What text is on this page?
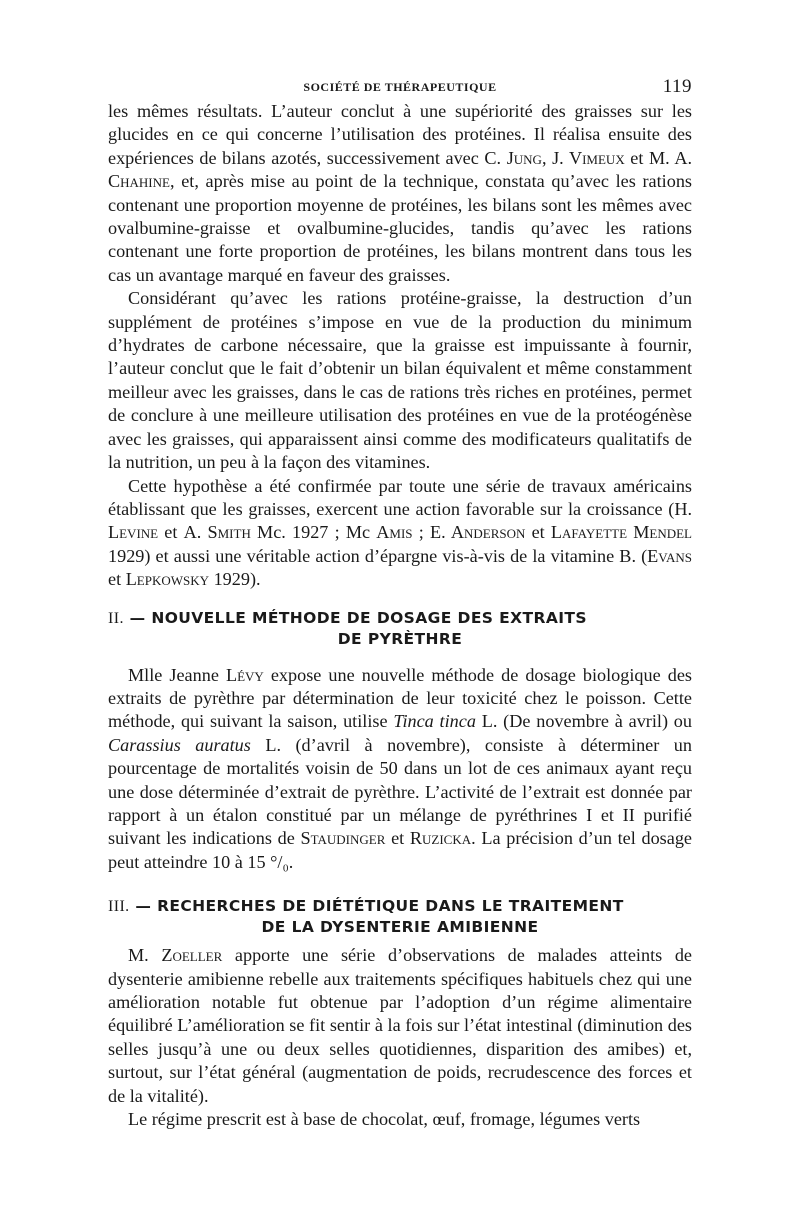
SOCIÉTÉ DE THÉRAPEUTIQUE	119

les mêmes résultats. L’auteur conclut à une supériorité des graisses sur les glucides en ce qui concerne l’utilisation des protéines. Il réalisa ensuite des expériences de bilans azotés, successivement avec C. Jung, J. Vimeux et M. A. Chahine, et, après mise au point de la technique, constata qu’avec les rations contenant une proportion moyenne de protéines, les bilans sont les mêmes avec ovalbumine-graisse et ovalbumine-glucides, tandis qu’avec les rations contenant une forte proportion de protéines, les bilans montrent dans tous les cas un avantage marqué en faveur des graisses.

Considérant qu’avec les rations protéine-graisse, la destruction d’un supplément de protéines s’impose en vue de la production du minimum d’hydrates de carbone nécessaire, que la graisse est impuissante à fournir, l’auteur conclut que le fait d’obtenir un bilan équivalent et même constamment meilleur avec les graisses, dans le cas de rations très riches en protéines, permet de conclure à une meilleure utilisation des protéines en vue de la protéogénèse avec les graisses, qui apparaissent ainsi comme des modificateurs qualitatifs de la nutrition, un peu à la façon des vitamines.

Cette hypothèse a été confirmée par toute une série de travaux américains établissant que les graisses, exercent une action favorable sur la croissance (H. Levine et A. Smith Mc. 1927 ; Mc Amis ; E. Anderson et Lafayette Mendel 1929) et aussi une véritable action d’épargne vis-à-vis de la vitamine B. (Evans et Lepkowsky 1929).

II. — NOUVELLE MÉTHODE DE DOSAGE DES EXTRAITS
DE PYRÈTHRE

Mlle Jeanne Lévy expose une nouvelle méthode de dosage biologique des extraits de pyrèthre par détermination de leur toxicité chez le poisson. Cette méthode, qui suivant la saison, utilise Tinca tinca L. (De novembre à avril) ou Carassius auratus L. (d’avril à novembre), consiste à déterminer un pourcentage de mortalités voisin de 50 dans un lot de ces animaux ayant reçu une dose déterminée d’extrait de pyrèthre. L’activité de l’extrait est donnée par rapport à un étalon constitué par un mélange de pyréthrines I et II purifié suivant les indications de Staudinger et Ruzicka. La précision d’un tel dosage peut atteindre 10 à 15 °/₀.

III. — RECHERCHES DE DIÉTÉTIQUE DANS LE TRAITEMENT
DE LA DYSENTERIE AMIBIENNE

M. Zoeller apporte une série d’observations de malades atteints de dysenterie amibienne rebelle aux traitements spécifiques habituels chez qui une amélioration notable fut obtenue par l’adoption d’un régime alimentaire équilibré L’amélioration se fit sentir à la fois sur l’état intestinal (diminution des selles jusqu’à une ou deux selles quotidiennes, disparition des amibes) et, surtout, sur l’état général (augmentation de poids, recrudescence des forces et de la vitalité).

Le régime prescrit est à base de chocolat, œuf, fromage, légumes verts
